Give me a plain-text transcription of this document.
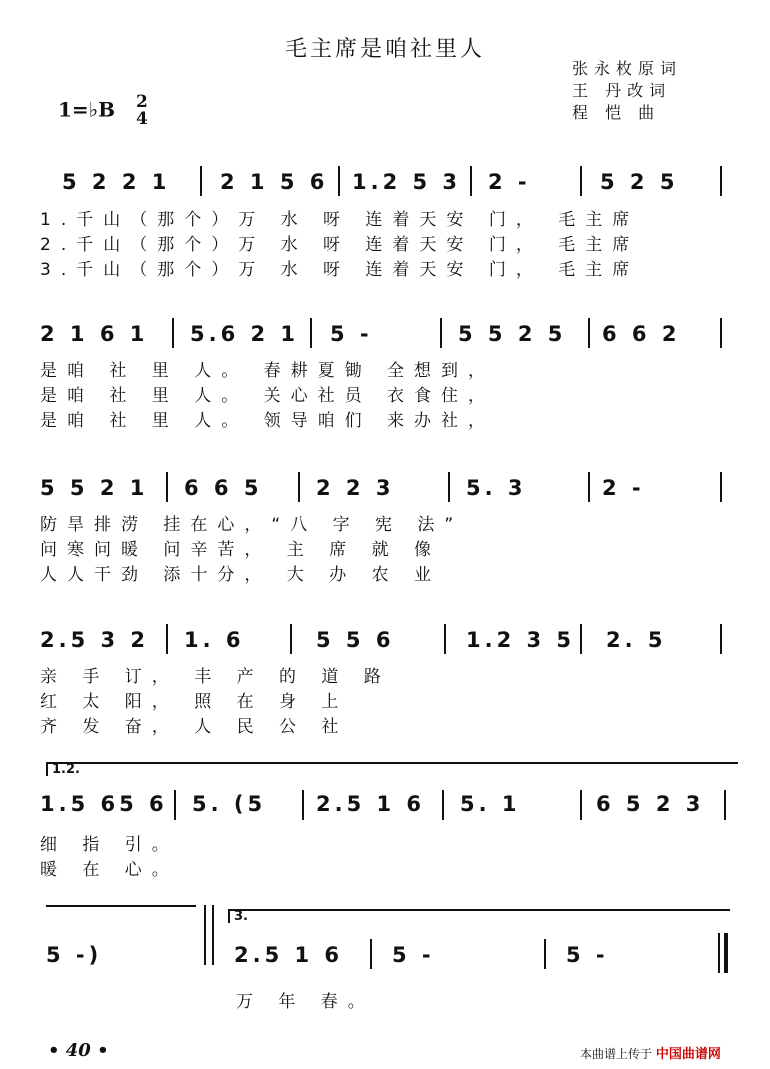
毛主席是咱社里人
1=♭B 2
4
张永枚原词
王 丹改词
程 恺 曲
5 2 2 1 2 1 5 6 1.2 5 3 2 -	5 2 5
1.千山（那个）万 水 呀 连着天安 门， 毛主席
2.千山（那个）万 水 呀 连着天安 门， 毛主席
3.千山（那个）万 水 呀 连着天安 门， 毛主席
2 1 6 1 5.6 2 1 5 -	5 5 2 5 6 6 2
是咱 社 里 人。 春耕夏锄 全想到，
是咱 社 里 人。 关心社员 衣食住，
是咱 社 里 人。 领导咱们 来办社，
5 5 2 1 6 6 5	2 2 3	5. 3	2 -
防旱排涝 挂在心，“八 字 宪 法”
问寒问暖 问辛苦， 主 席 就 像
人人干劲 添十分， 大 办 农 业
2.5 3 2 1. 6	5 5 6	1.2 3 5 2. 5
亲 手 订， 丰 产 的 道 路
红 太 阳， 照 在 身 上
齐 发 奋， 人 民 公 社
1.2.
1.5 65 6 5. (5 2.5 1 6 5. 1	6 5 2 3
细 指 引。
暖 在 心。
3.
5 -)	2.5 1 6 5 -	5 -
万 年 春。
• 40 •	本曲谱上传于 中国曲谱网
